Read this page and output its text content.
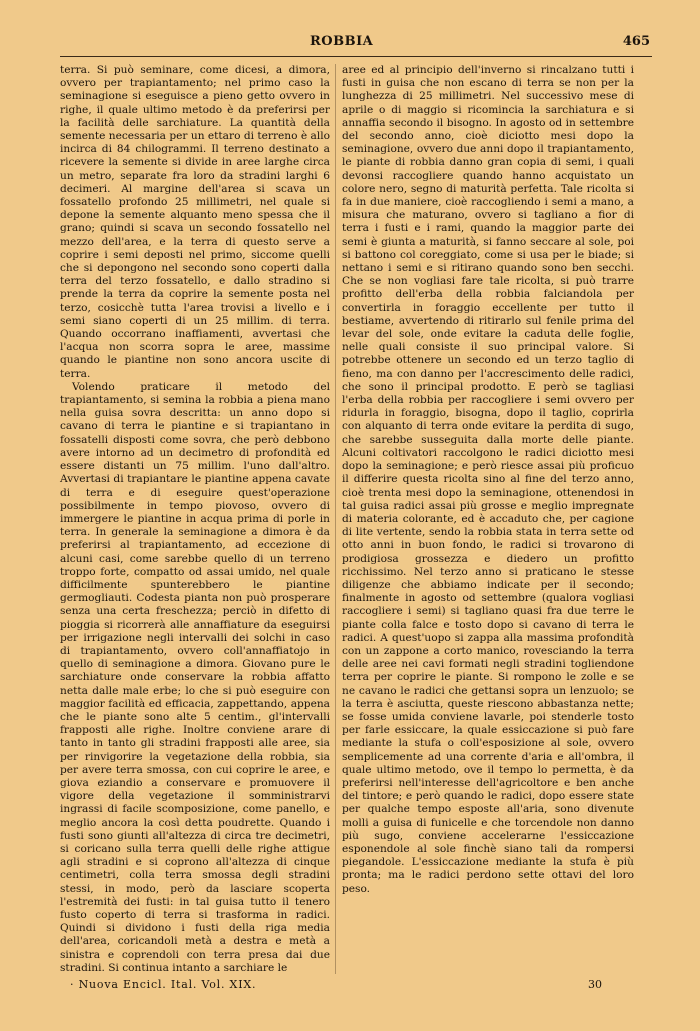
ROBBIA	465

terra. Si può seminare, come dicesi, a dimora, ovvero per trapiantamento; nel primo caso la seminagione si eseguisce a pieno getto ovvero in righe, il quale ultimo metodo è da preferirsi per la facilità delle sarchiature. La quantità della semente necessaria per un ettaro di terreno è allo incirca di 84 chilogrammi. Il terreno destinato a ricevere la semente si divide in aree larghe circa un metro, separate fra loro da stradini larghi 6 decimeri. Al margine dell'area si scava un fossatello profondo 25 millimetri, nel quale si depone la semente alquanto meno spessa che il grano; quindi si scava un secondo fossatello nel mezzo dell'area, e la terra di questo serve a coprire i semi deposti nel primo, siccome quelli che si depongono nel secondo sono coperti dalla terra del terzo fossatello, e dallo stradino si prende la terra da coprire la semente posta nel terzo, cosicchè tutta l'area trovisi a livello e i semi siano coperti di un 25 millim. di terra. Quando occorrano inaffiamenti, avvertasi che l'acqua non scorra sopra le aree, massime quando le piantine non sono ancora uscite di terra.

Volendo praticare il metodo del trapiantamento, si semina la robbia a piena mano nella guisa sovra descritta: un anno dopo si cavano di terra le piantine e si trapiantano in fossatelli disposti come sovra, che però debbono avere intorno ad un decimetro di profondità ed essere distanti un 75 millim. l'uno dall'altro. Avvertasi di trapiantare le piantine appena cavate di terra e di eseguire quest'operazione possibilmente in tempo piovoso, ovvero di immergere le piantine in acqua prima di porle in terra. In generale la seminagione a dimora è da preferirsi al trapiantamento, ad eccezione di alcuni casi, come sarebbe quello di un terreno troppo forte, compatto od assai umido, nel quale difficilmente spunterebbero le piantine germogliauti. Codesta pianta non può prosperare senza una certa freschezza; perciò in difetto di pioggia si ricorrerà alle annaffiature da eseguirsi per irrigazione negli intervalli dei solchi in caso di trapiantamento, ovvero coll'annaffiatojo in quello di seminagione a dimora. Giovano pure le sarchiature onde conservare la robbia affatto netta dalle male erbe; lo che si può eseguire con maggior facilità ed efficacia, zappettando, appena che le piante sono alte 5 centim., gl'intervalli frapposti alle righe. Inoltre conviene arare di tanto in tanto gli stradini frapposti alle aree, sia per rinvigorire la vegetazione della robbia, sia per avere terra smossa, con cui coprire le aree, e giova eziandio a conservare e promuovere il vigore della vegetazione il somministrarvi ingrassi di facile scomposizione, come panello, e meglio ancora la così detta poudrette. Quando i fusti sono giunti all'altezza di circa tre decimetri, si coricano sulla terra quelli delle righe attigue agli stradini e si coprono all'altezza di cinque centimetri, colla terra smossa degli stradini stessi, in modo, però da lasciare scoperta l'estremità dei fusti: in tal guisa tutto il tenero fusto coperto di terra si trasforma in radici. Quindi si dividono i fusti della riga media dell'area, coricandoli metà a destra e metà a sinistra e coprendoli con terra presa dai due stradini. Si continua intanto a sarchiare le

aree ed al principio dell'inverno si rincalzano tutti i fusti in guisa che non escano di terra se non per la lunghezza di 25 millimetri. Nel successivo mese di aprile o di maggio si ricomincia la sarchiatura e si annaffia secondo il bisogno. In agosto od in settembre del secondo anno, cioè diciotto mesi dopo la seminagione, ovvero due anni dopo il trapiantamento, le piante di robbia danno gran copia di semi, i quali devonsi raccogliere quando hanno acquistato un colore nero, segno di maturità perfetta. Tale ricolta si fa in due maniere, cioè raccogliendo i semi a mano, a misura che maturano, ovvero si tagliano a fior di terra i fusti e i rami, quando la maggior parte dei semi è giunta a maturità, si fanno seccare al sole, poi si battono col coreggiato, come si usa per le biade; si nettano i semi e si ritirano quando sono ben secchi. Che se non vogliasi fare tale ricolta, si può trarre profitto dell'erba della robbia falciandola per convertirla in foraggio eccellente per tutto il bestiame, avvertendo di ritirarlo sul fenile prima del levar del sole, onde evitare la caduta delle foglie, nelle quali consiste il suo principal valore. Si potrebbe ottenere un secondo ed un terzo taglio di fieno, ma con danno per l'accrescimento delle radici, che sono il principal prodotto. E però se tagliasi l'erba della robbia per raccogliere i semi ovvero per ridurla in foraggio, bisogna, dopo il taglio, coprirla con alquanto di terra onde evitare la perdita di sugo, che sarebbe susseguita dalla morte delle piante. Alcuni coltivatori raccolgono le radici diciotto mesi dopo la seminagione; e però riesce assai più proficuo il differire questa ricolta sino al fine del terzo anno, cioè trenta mesi dopo la seminagione, ottenendosi in tal guisa radici assai più grosse e meglio impregnate di materia colorante, ed è accaduto che, per cagione di lite vertente, sendo la robbia stata in terra sette od otto anni in buon fondo, le radici si trovarono di prodigiosa grossezza e diedero un profitto ricchissimo. Nel terzo anno si praticano le stesse diligenze che abbiamo indicate per il secondo; finalmente in agosto od settembre (qualora vogliasi raccogliere i semi) si tagliano quasi fra due terre le piante colla falce e tosto dopo si cavano di terra le radici. A quest'uopo si zappa alla massima profondità con un zappone a corto manico, rovesciando la terra delle aree nei cavi formati negli stradini togliendone terra per coprire le piante. Si rompono le zolle e se ne cavano le radici che gettansi sopra un lenzuolo; se la terra è asciutta, queste riescono abbastanza nette; se fosse umida conviene lavarle, poi stenderle tosto per farle essiccare, la quale essiccazione si può fare mediante la stufa o coll'esposizione al sole, ovvero semplicemente ad una corrente d'aria e all'ombra, il quale ultimo metodo, ove il tempo lo permetta, è da preferirsi nell'interesse dell'agricoltore e ben anche del tintore; e però quando le radici, dopo essere state per qualche tempo esposte all'aria, sono divenute molli a guisa di funicelle e che torcendole non danno più sugo, conviene accelerarne l'essiccazione esponendole al sole finchè siano tali da rompersi piegandole. L'essiccazione mediante la stufa è più pronta; ma le radici perdono sette ottavi del loro peso.

· Nuova Encicl. Ital. Vol. XIX.	30
